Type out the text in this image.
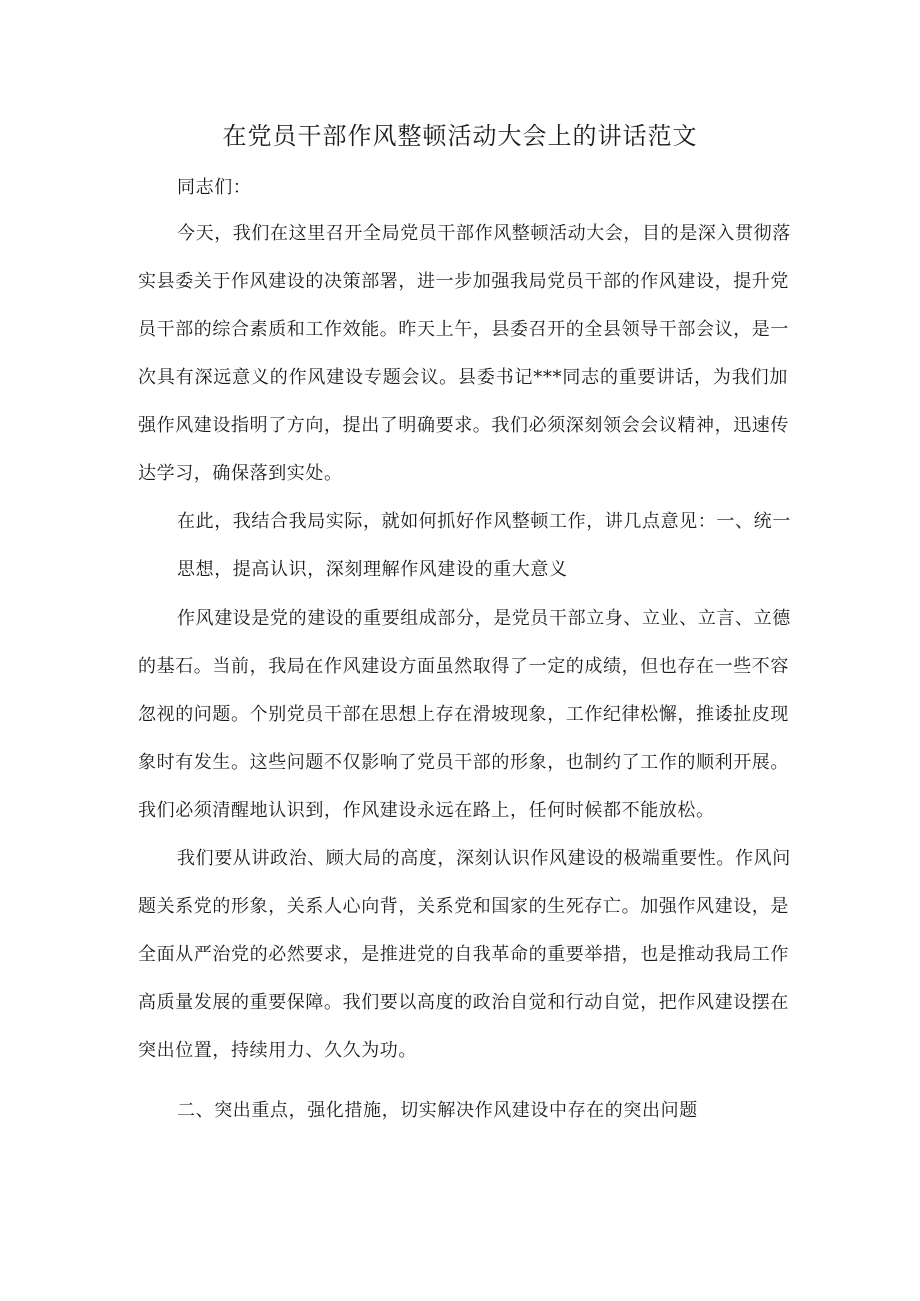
在党员干部作风整顿活动大会上的讲话范文

同志们：

今天，我们在这里召开全局党员干部作风整顿活动大会，目的是深入贯彻落

实县委关于作风建设的决策部署，进一步加强我局党员干部的作风建设，提升党

员干部的综合素质和工作效能。昨天上午，县委召开的全县领导干部会议，是一

次具有深远意义的作风建设专题会议。县委书记***同志的重要讲话，为我们加

强作风建设指明了方向，提出了明确要求。我们必须深刻领会会议精神，迅速传

达学习，确保落到实处。

在此，我结合我局实际，就如何抓好作风整顿工作，讲几点意见：一、统一

思想，提高认识，深刻理解作风建设的重大意义

作风建设是党的建设的重要组成部分，是党员干部立身、立业、立言、立德

的基石。当前，我局在作风建设方面虽然取得了一定的成绩，但也存在一些不容

忽视的问题。个别党员干部在思想上存在滑坡现象，工作纪律松懈，推诿扯皮现

象时有发生。这些问题不仅影响了党员干部的形象，也制约了工作的顺利开展。

我们必须清醒地认识到，作风建设永远在路上，任何时候都不能放松。

我们要从讲政治、顾大局的高度，深刻认识作风建设的极端重要性。作风问

题关系党的形象，关系人心向背，关系党和国家的生死存亡。加强作风建设，是

全面从严治党的必然要求，是推进党的自我革命的重要举措，也是推动我局工作

高质量发展的重要保障。我们要以高度的政治自觉和行动自觉，把作风建设摆在

突出位置，持续用力、久久为功。

二、突出重点，强化措施，切实解决作风建设中存在的突出问题
